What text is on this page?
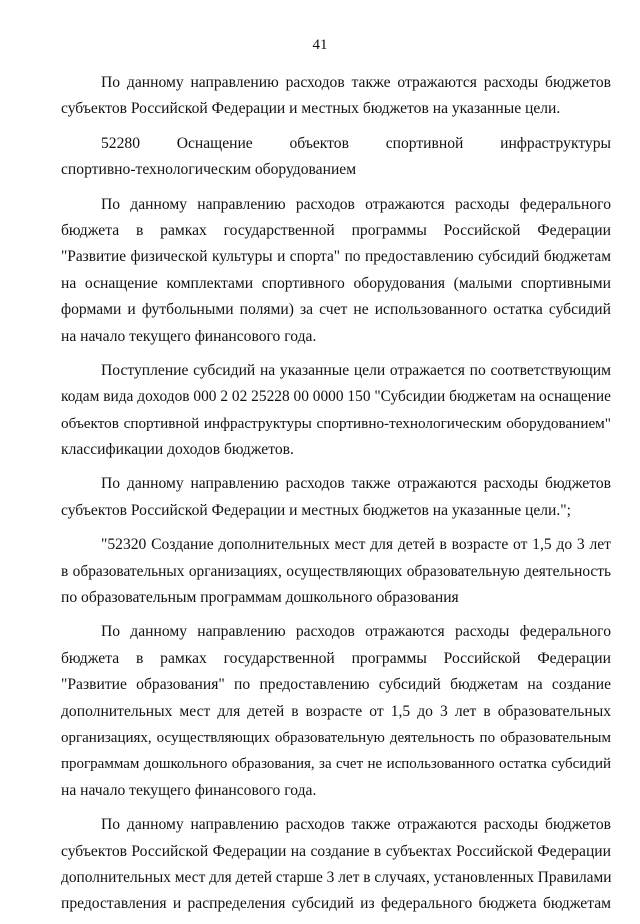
41
По данному направлению расходов также отражаются расходы бюджетов
субъектов Российской Федерации и местных бюджетов на указанные цели.
52280 Оснащение объектов спортивной инфраструктуры
спортивно-технологическим оборудованием
По данному направлению расходов отражаются расходы федерального
бюджета в рамках государственной программы Российской Федерации
"Развитие физической культуры и спорта" по предоставлению субсидий бюджетам
на оснащение комплектами спортивного оборудования (малыми спортивными
формами и футбольными полями) за счет не использованного остатка субсидий
на начало текущего финансового года.
Поступление субсидий на указанные цели отражается по соответствующим
кодам вида доходов 000 2 02 25228 00 0000 150 "Субсидии бюджетам на оснащение
объектов спортивной инфраструктуры спортивно-технологическим оборудованием"
классификации доходов бюджетов.
По данному направлению расходов также отражаются расходы бюджетов
субъектов Российской Федерации и местных бюджетов на указанные цели.";
"52320 Создание дополнительных мест для детей в возрасте от 1,5 до 3 лет
в образовательных организациях, осуществляющих образовательную деятельность
по образовательным программам дошкольного образования
По данному направлению расходов отражаются расходы федерального
бюджета в рамках государственной программы Российской Федерации
"Развитие образования" по предоставлению субсидий бюджетам на создание
дополнительных мест для детей в возрасте от 1,5 до 3 лет в образовательных
организациях, осуществляющих образовательную деятельность по образовательным
программам дошкольного образования, за счет не использованного остатка субсидий
на начало текущего финансового года.
По данному направлению расходов также отражаются расходы бюджетов
субъектов Российской Федерации на создание в субъектах Российской Федерации
дополнительных мест для детей старше 3 лет в случаях, установленных Правилами
предоставления и распределения субсидий из федерального бюджета бюджетам
